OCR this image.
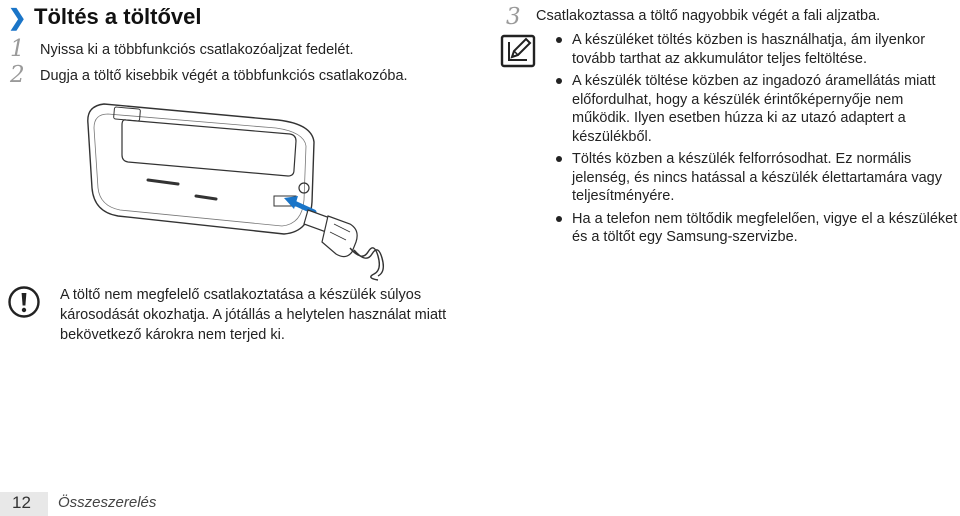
❯ Töltés a töltővel
1 Nyissa ki a többfunkciós csatlakozóaljzat fedelét.
2 Dugja a töltő kisebbik végét a többfunkciós csatlakozóba.
A töltő nem megfelelő csatlakoztatása a készülék súlyos károsodását okozhatja. A jótállás a helytelen használat miatt bekövetkező károkra nem terjed ki.
3 Csatlakoztassa a töltő nagyobbik végét a fali aljzatba.
A készüléket töltés közben is használhatja, ám ilyenkor tovább tarthat az akkumulátor teljes feltöltése.
A készülék töltése közben az ingadozó áramellátás miatt előfordulhat, hogy a készülék érintőképernyője nem működik. Ilyen esetben húzza ki az utazó adaptert a készülékből.
Töltés közben a készülék felforrósodhat. Ez normális jelenség, és nincs hatással a készülék élettartamára vagy teljesítményére.
Ha a telefon nem töltődik megfelelően, vigye el a készüléket és a töltőt egy Samsung-szervizbe.
12 Összeszerelés
